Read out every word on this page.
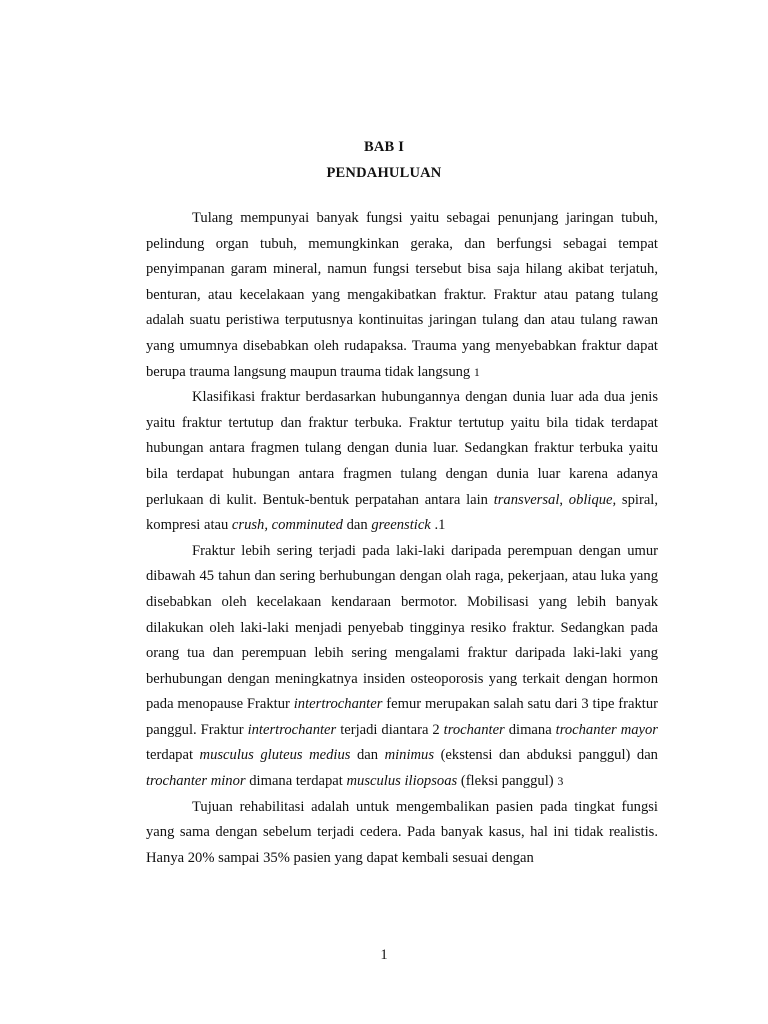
BAB I
PENDAHULUAN

Tulang mempunyai banyak fungsi yaitu sebagai penunjang jaringan tubuh, pelindung organ tubuh, memungkinkan geraka, dan berfungsi sebagai tempat penyimpanan garam mineral, namun fungsi tersebut bisa saja hilang akibat terjatuh, benturan, atau kecelakaan yang mengakibatkan fraktur. Fraktur atau patang tulang adalah suatu peristiwa terputusnya kontinuitas jaringan tulang dan atau tulang rawan yang umumnya disebabkan oleh rudapaksa. Trauma yang menyebabkan fraktur dapat berupa trauma langsung maupun trauma tidak langsung 1

Klasifikasi fraktur berdasarkan hubungannya dengan dunia luar ada dua jenis yaitu fraktur tertutup dan fraktur terbuka. Fraktur tertutup yaitu bila tidak terdapat hubungan antara fragmen tulang dengan dunia luar. Sedangkan fraktur terbuka yaitu bila terdapat hubungan antara fragmen tulang dengan dunia luar karena adanya perlukaan di kulit. Bentuk-bentuk perpatahan antara lain transversal, oblique, spiral, kompresi atau crush, comminuted dan greenstick .1

Fraktur lebih sering terjadi pada laki-laki daripada perempuan dengan umur dibawah 45 tahun dan sering berhubungan dengan olah raga, pekerjaan, atau luka yang disebabkan oleh kecelakaan kendaraan bermotor. Mobilisasi yang lebih banyak dilakukan oleh laki-laki menjadi penyebab tingginya resiko fraktur. Sedangkan pada orang tua dan perempuan lebih sering mengalami fraktur daripada laki-laki yang berhubungan dengan meningkatnya insiden osteoporosis yang terkait dengan hormon pada menopause Fraktur intertrochanter femur merupakan salah satu dari 3 tipe fraktur panggul. Fraktur intertrochanter terjadi diantara 2 trochanter dimana trochanter mayor terdapat musculus gluteus medius dan minimus (ekstensi dan abduksi panggul) dan trochanter minor dimana terdapat musculus iliopsoas (fleksi panggul) 3

Tujuan rehabilitasi adalah untuk mengembalikan pasien pada tingkat fungsi yang sama dengan sebelum terjadi cedera. Pada banyak kasus, hal ini tidak realistis. Hanya 20% sampai 35% pasien yang dapat kembali sesuai dengan

1
